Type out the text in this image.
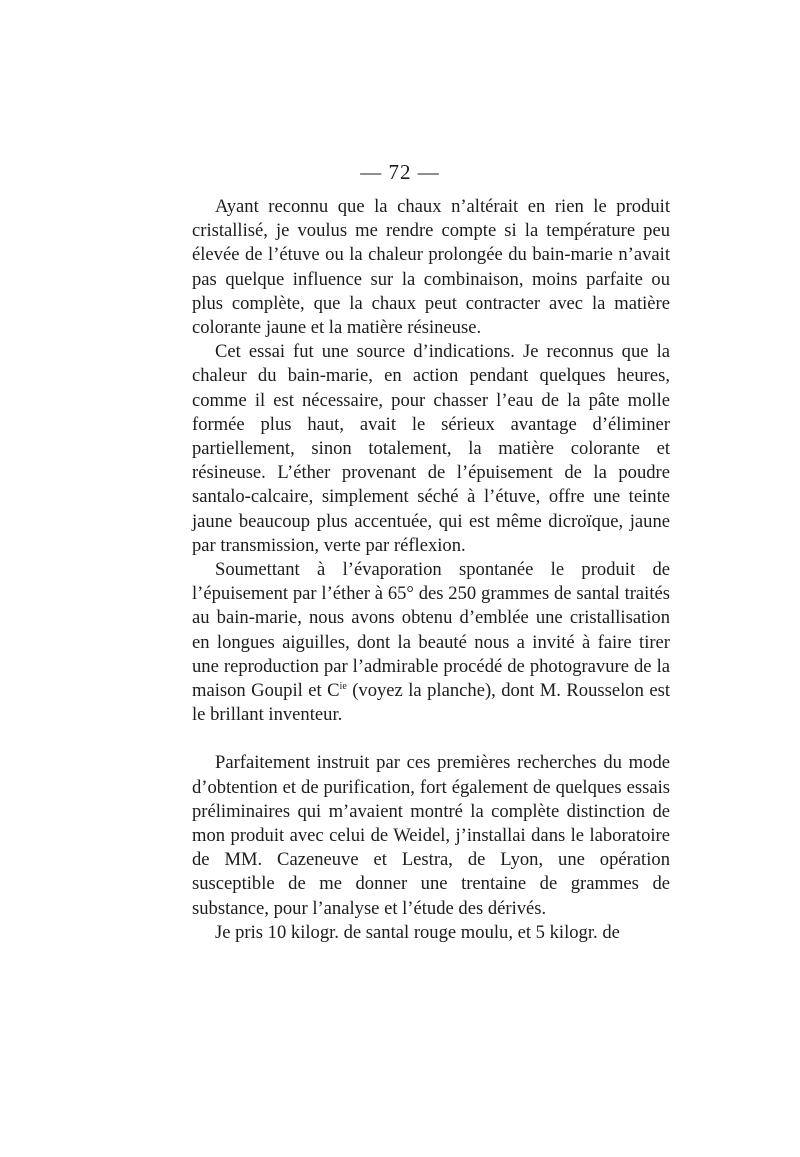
— 72 —

Ayant reconnu que la chaux n’altérait en rien le produit cristallisé, je voulus me rendre compte si la température peu élevée de l’étuve ou la chaleur prolongée du bain-marie n’avait pas quelque influence sur la combinaison, moins parfaite ou plus complète, que la chaux peut contracter avec la matière colorante jaune et la matière résineuse.

Cet essai fut une source d’indications. Je reconnus que la chaleur du bain-marie, en action pendant quelques heures, comme il est nécessaire, pour chasser l’eau de la pâte molle formée plus haut, avait le sérieux avantage d’éliminer partiellement, sinon totalement, la matière colorante et résineuse. L’éther provenant de l’épuisement de la poudre santalo-calcaire, simplement séché à l’étuve, offre une teinte jaune beaucoup plus accentuée, qui est même dicroïque, jaune par transmission, verte par réflexion.

Soumettant à l’évaporation spontanée le produit de l’épuisement par l’éther à 65° des 250 grammes de santal traités au bain-marie, nous avons obtenu d’emblée une cristallisation en longues aiguilles, dont la beauté nous a invité à faire tirer une reproduction par l’admirable procédé de photogravure de la maison Goupil et $C^{ie}$ (voyez la planche), dont M. Rousselon est le brillant inventeur.

Parfaitement instruit par ces premières recherches du mode d’obtention et de purification, fort également de quelques essais préliminaires qui m’avaient montré la complète distinction de mon produit avec celui de Weidel, j’installai dans le laboratoire de MM. Cazeneuve et Lestra, de Lyon, une opération susceptible de me donner une trentaine de grammes de substance, pour l’analyse et l’étude des dérivés.

Je pris 10 kilogr. de santal rouge moulu, et 5 kilogr. de
